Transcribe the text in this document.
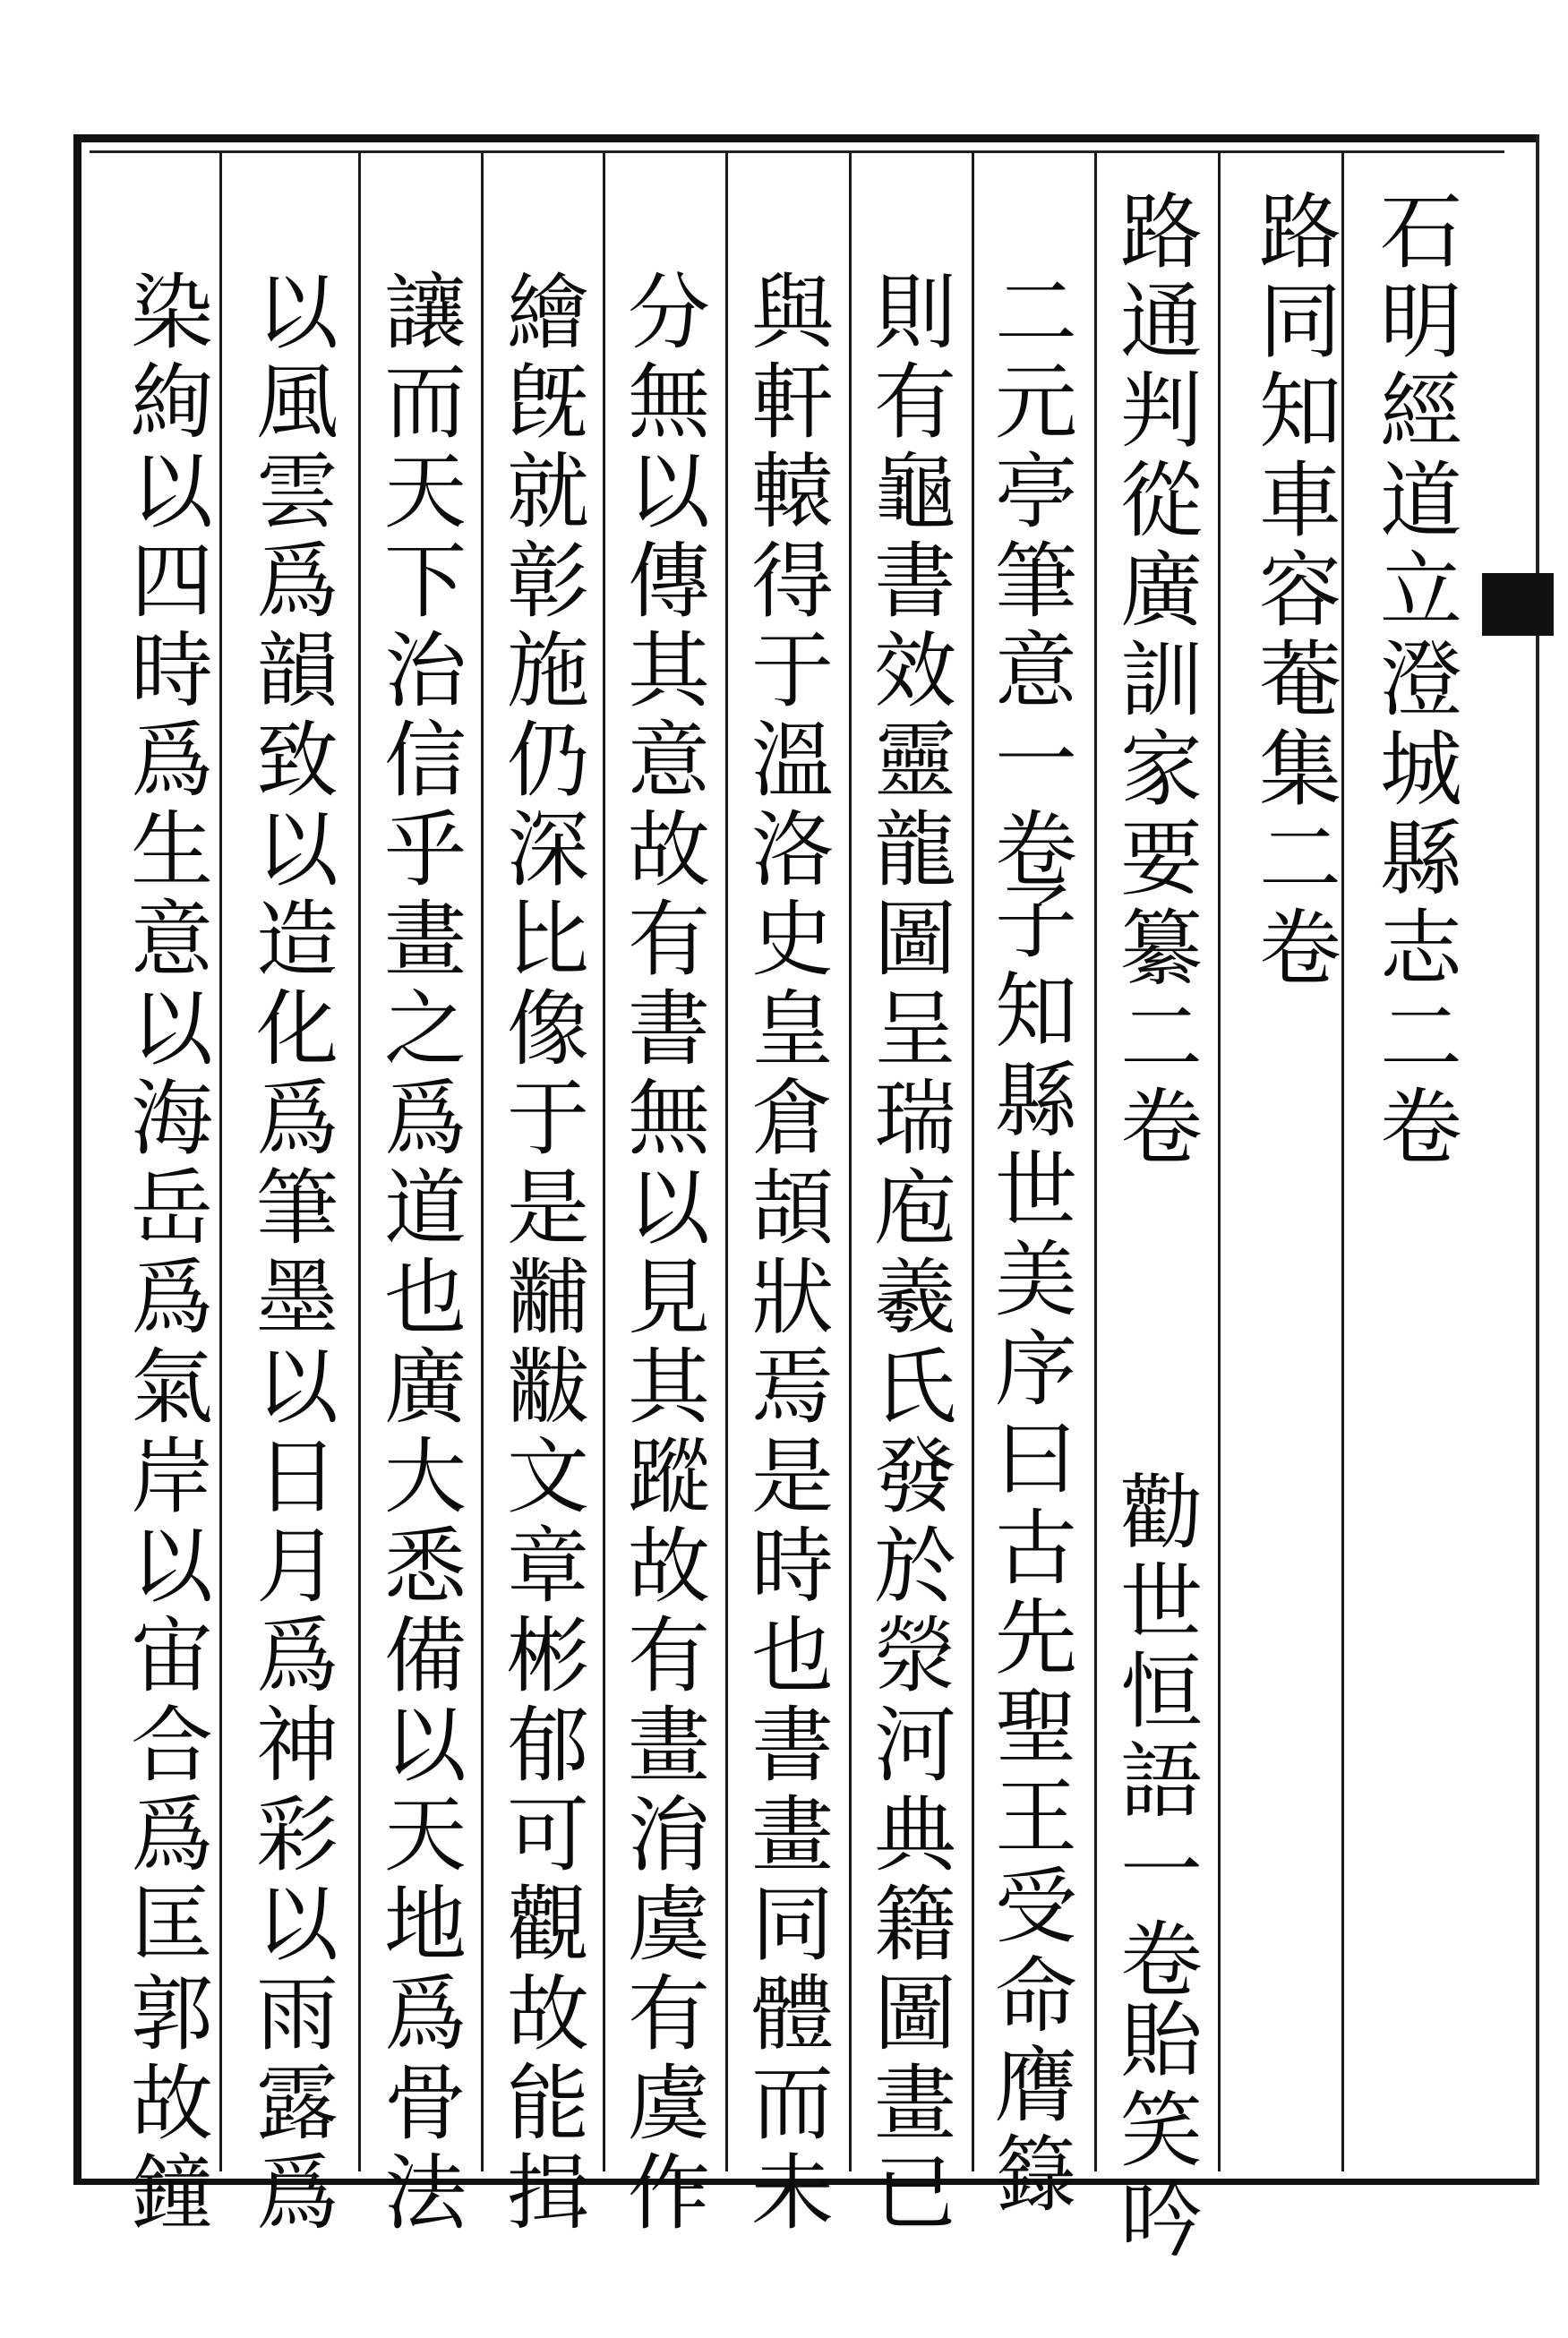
石明經道立澄城縣志二卷
路同知車容菴集二卷
路通判從廣訓家要纂二卷
勸世恒語一卷
貽笑吟
二元亭筆意一卷
子知縣世美序曰古先聖王受命膺籙
則有龜書效靈龍圖呈瑞庖羲氏發於滎河典籍圖畫已
與軒轅得于溫洛史皇倉頡狀焉是時也書畫同體而未
分無以傳其意故有書無以見其蹤故有畫㳙虞有虞作
繪旣就彰施仍深比像于是黼黻文章彬郁可觀故能揖
讓而天下治信乎畫之爲道也廣大悉備以天地爲骨法
以風雲爲韻致以造化爲筆墨以日月爲神彩以雨露爲
染絢以四時爲生意以海岳爲氣岸以宙合爲匡郭故鐘
